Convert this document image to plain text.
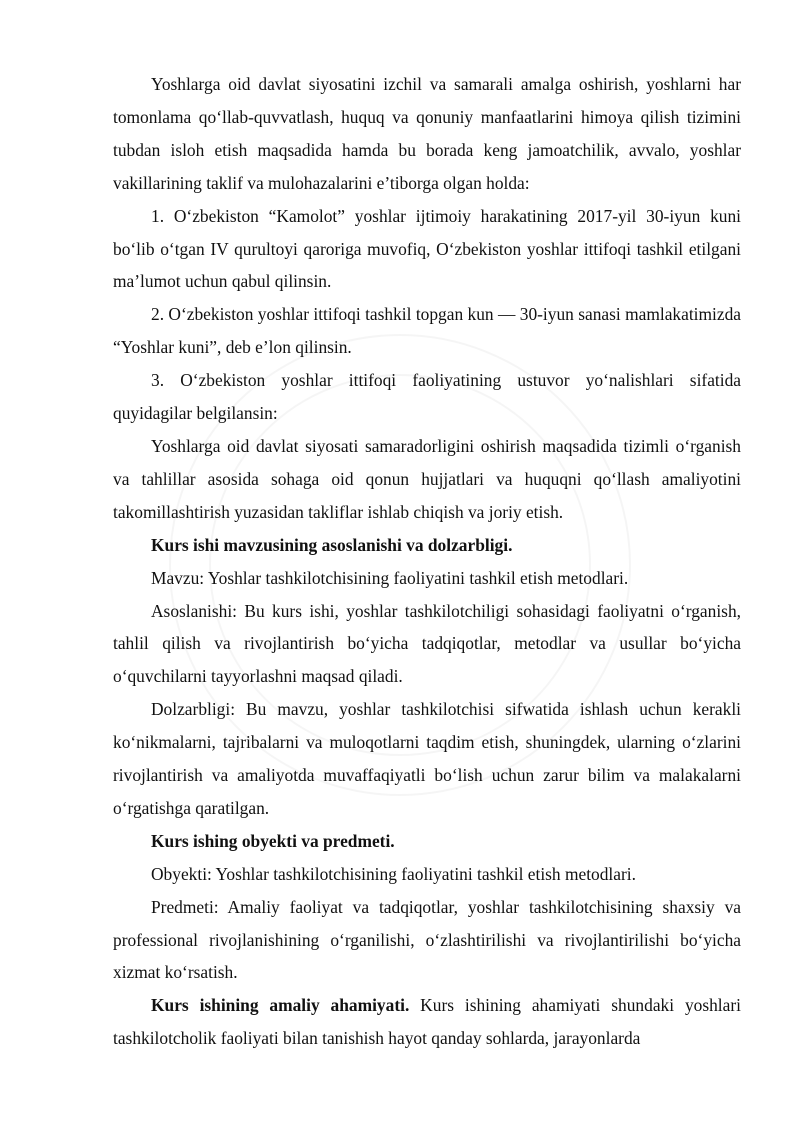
Yoshlarga oid davlat siyosatini izchil va samarali amalga oshirish, yoshlarni har tomonlama qo‘llab-quvvatlash, huquq va qonuniy manfaatlarini himoya qilish tizimini tubdan isloh etish maqsadida hamda bu borada keng jamoatchilik, avvalo, yoshlar vakillarining taklif va mulohazalarini e’tiborga olgan holda:

1. O‘zbekiston “Kamolot” yoshlar ijtimoiy harakatining 2017-yil 30-iyun kuni bo‘lib o‘tgan IV qurultoyi qaroriga muvofiq, O‘zbekiston yoshlar ittifoqi tashkil etilgani ma’lumot uchun qabul qilinsin.

2. O‘zbekiston yoshlar ittifoqi tashkil topgan kun — 30-iyun sanasi mamlakatimizda “Yoshlar kuni”, deb e’lon qilinsin.

3. O‘zbekiston yoshlar ittifoqi faoliyatining ustuvor yo‘nalishlari sifatida quyidagilar belgilansin:

Yoshlarga oid davlat siyosati samaradorligini oshirish maqsadida tizimli o‘rganish va tahlillar asosida sohaga oid qonun hujjatlari va huquqni qo‘llash amaliyotini takomillashtirish yuzasidan takliflar ishlab chiqish va joriy etish.

Kurs ishi mavzusining asoslanishi va dolzarbligi.

Mavzu: Yoshlar tashkilotchisining faoliyatini tashkil etish metodlari.

Asoslanishi: Bu kurs ishi, yoshlar tashkilotchiligi sohasidagi faoliyatni o‘rganish, tahlil qilish va rivojlantirish bo‘yicha tadqiqotlar, metodlar va usullar bo‘yicha o‘quvchilarni tayyorlashni maqsad qiladi.

Dolzarbligi: Bu mavzu, yoshlar tashkilotchisi sifwatida ishlash uchun kerakli ko‘nikmalarni, tajribalarni va muloqotlarni taqdim etish, shuningdek, ularning o‘zlarini rivojlantirish va amaliyotda muvaffaqiyatli bo‘lish uchun zarur bilim va malakalarni o‘rgatishga qaratilgan.

Kurs ishing obyekti va predmeti.

Obyekti: Yoshlar tashkilotchisining faoliyatini tashkil etish metodlari.

Predmeti: Amaliy faoliyat va tadqiqotlar, yoshlar tashkilotchisining shaxsiy va professional rivojlanishining o‘rganilishi, o‘zlashtirilishi va rivojlantirilishi bo‘yicha xizmat ko‘rsatish.

Kurs ishining amaliy ahamiyati. Kurs ishining ahamiyati shundaki yoshlari tashkilotcholik faoliyati bilan tanishish hayot qanday sohlarda, jarayonlarda
